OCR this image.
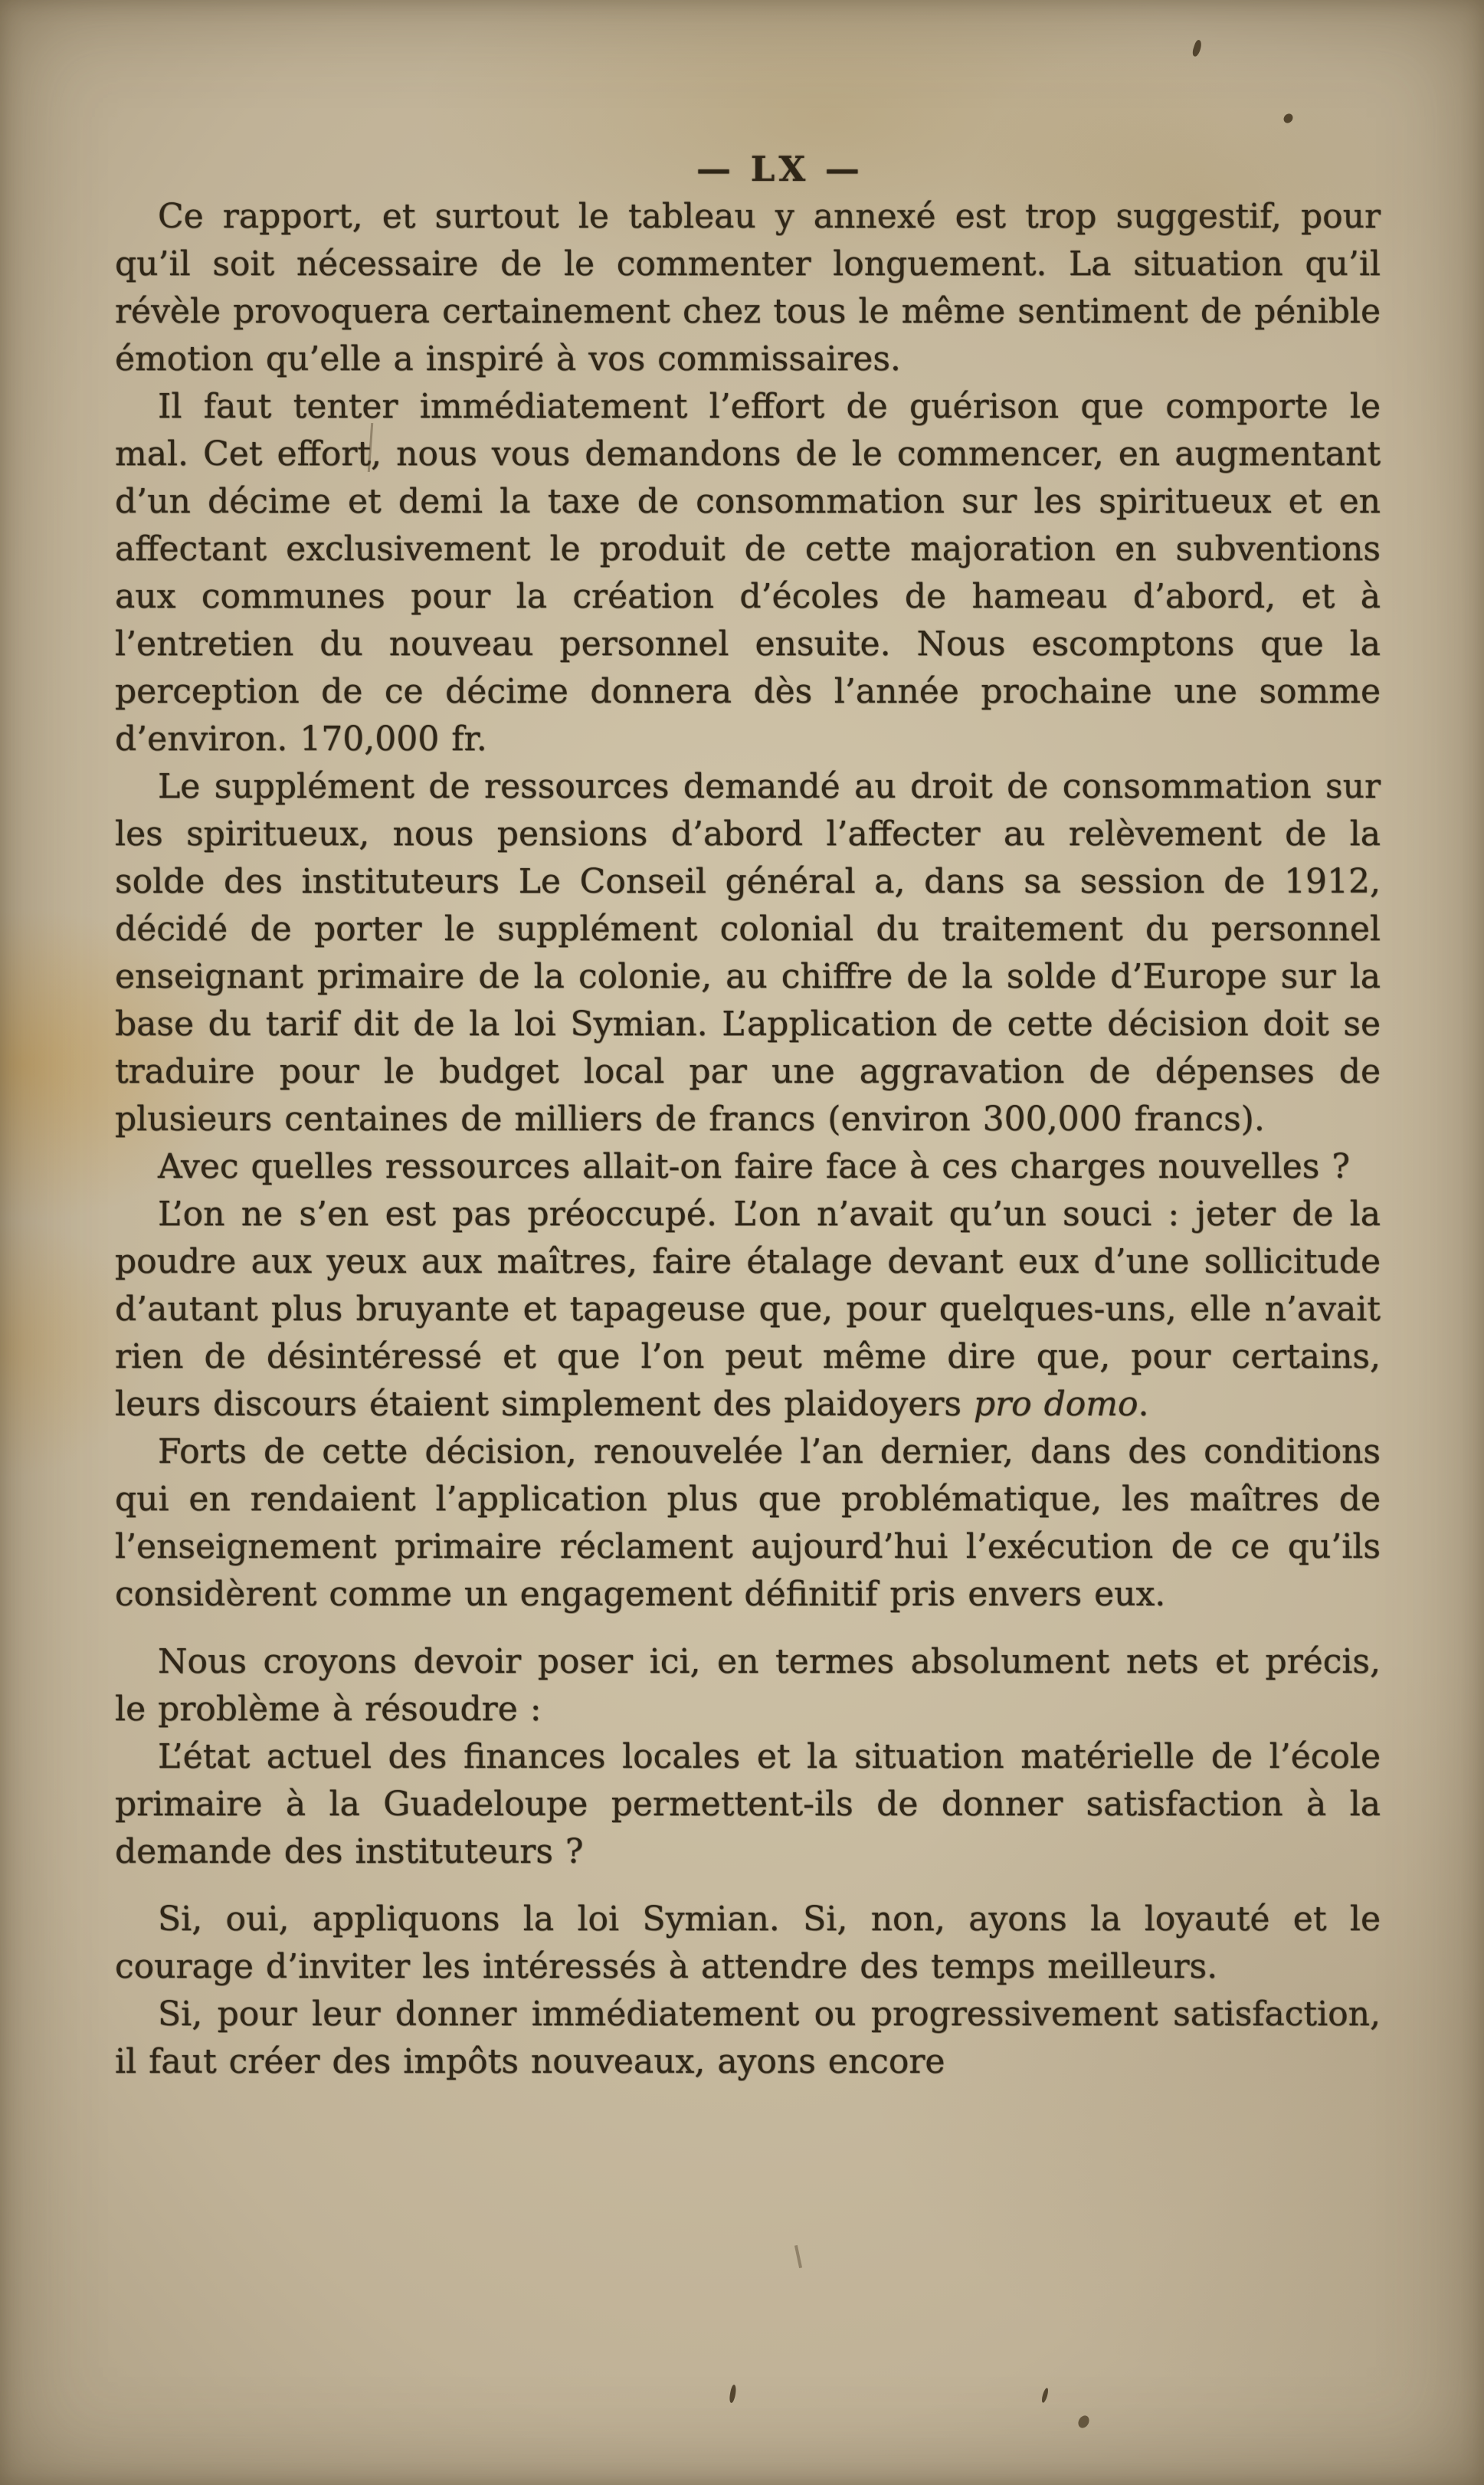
— LX —

Ce rapport, et surtout le tableau y annexé est trop suggestif, pour qu’il soit nécessaire de le commenter longuement. La situation qu’il révèle provoquera certainement chez tous le même sentiment de pénible émotion qu’elle a inspiré à vos commissaires.

Il faut tenter immédiatement l’effort de guérison que comporte le mal. Cet effort, nous vous demandons de le commencer, en augmentant d’un décime et demi la taxe de consommation sur les spiritueux et en affectant exclusivement le produit de cette majoration en subventions aux communes pour la création d’écoles de hameau d’abord, et à l’entretien du nouveau personnel ensuite. Nous escomptons que la perception de ce décime donnera dès l’année prochaine une somme d’environ. 170,000 fr.

Le supplément de ressources demandé au droit de consommation sur les spiritueux, nous pensions d’abord l’affecter au relèvement de la solde des instituteurs Le Conseil général a, dans sa session de 1912, décidé de porter le supplément colonial du traitement du personnel enseignant primaire de la colonie, au chiffre de la solde d’Europe sur la base du tarif dit de la loi Symian. L’application de cette décision doit se traduire pour le budget local par une aggravation de dépenses de plusieurs centaines de milliers de francs (environ 300,000 francs).

Avec quelles ressources allait-on faire face à ces charges nouvelles ?

L’on ne s’en est pas préoccupé. L’on n’avait qu’un souci : jeter de la poudre aux yeux aux maîtres, faire étalage devant eux d’une sollicitude d’autant plus bruyante et tapageuse que, pour quelques-uns, elle n’avait rien de désintéressé et que l’on peut même dire que, pour certains, leurs discours étaient simplement des plaidoyers pro domo.

Forts de cette décision, renouvelée l’an dernier, dans des conditions qui en rendaient l’application plus que problématique, les maîtres de l’enseignement primaire réclament aujourd’hui l’exécution de ce qu’ils considèrent comme un engagement définitif pris envers eux.

Nous croyons devoir poser ici, en termes absolument nets et précis, le problème à résoudre :

L’état actuel des finances locales et la situation matérielle de l’école primaire à la Guadeloupe permettent-ils de donner satisfaction à la demande des instituteurs ?

Si, oui, appliquons la loi Symian. Si, non, ayons la loyauté et le courage d’inviter les intéressés à attendre des temps meilleurs.

Si, pour leur donner immédiatement ou progressivement satisfaction, il faut créer des impôts nouveaux, ayons encore
